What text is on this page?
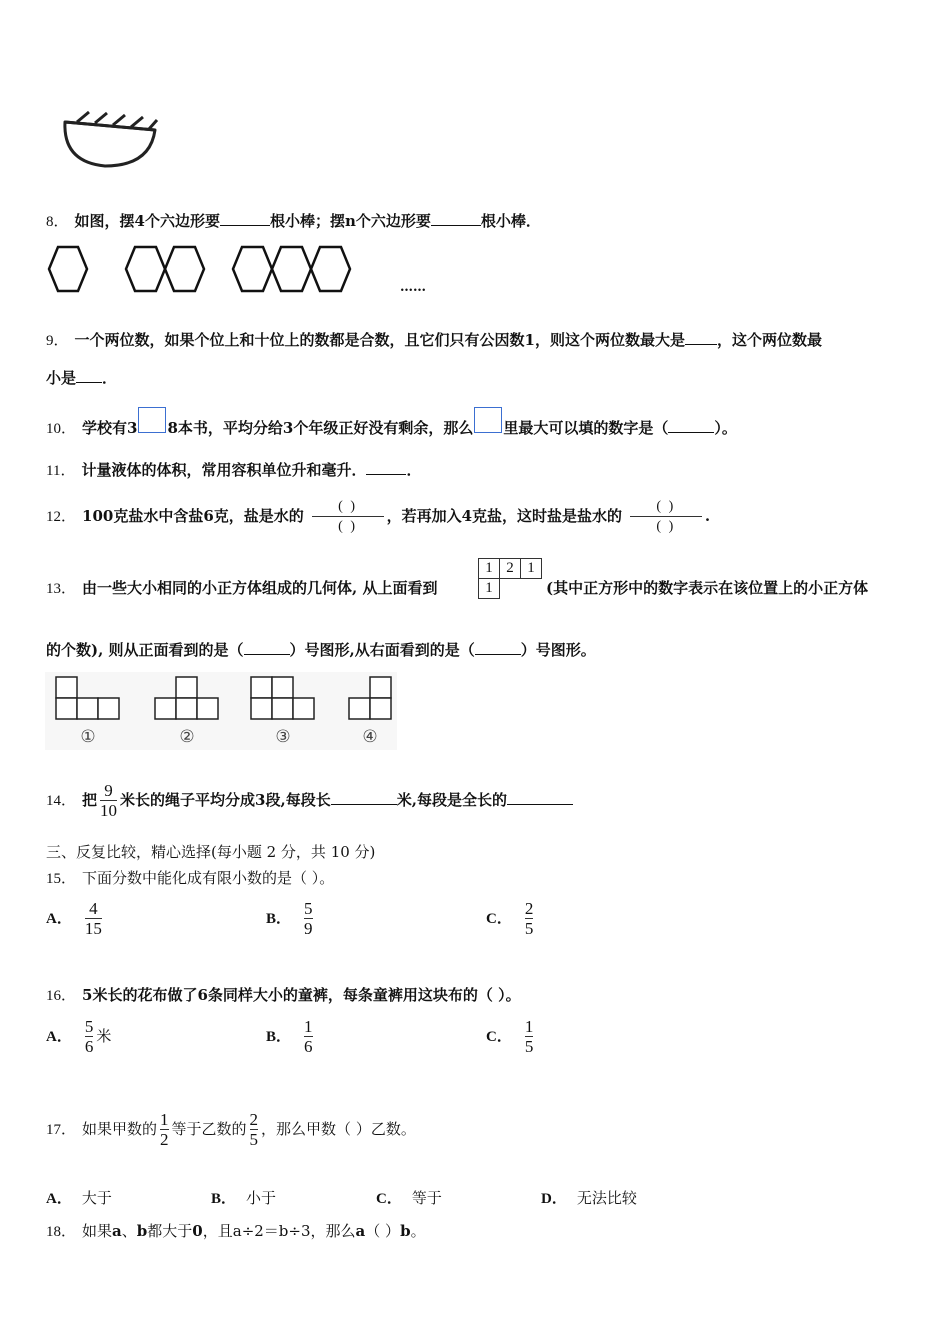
8． 如图，摆4个六边形要	根小棒；摆n个六边形要	根小棒．
……
9． 一个两位数，如果个位上和十位上的数都是合数，且它们只有公因数1，则这个两位数最大是 ，这个两位数最
小是 ．
10． 学校有3 8本书，平均分给3个年级正好没有剩余，那么 里最大可以填的数字是（	）。
11． 计量液体的体积，常用容积单位升和毫升．	．
12． 100克盐水中含盐6克，盐是水的 $\frac{( )}{( )}$ ，若再加入4克盐，这时盐是盐水的 $\frac{( )}{( )}$ .
13． 由一些大小相同的小正方体组成的几何体, 从上面看到
1 2 1
1	(其中正方形中的数字表示在该位置上的小正方体
的个数), 则从正面看到的是（	）号图形,从右面看到的是（	）号图形。
①	②	③	④
14． 把 $\frac{9}{10}$ 米长的绳子平均分成3段,每段长	米,每段是全长的
三、反复比较，精心选择(每小题 2 分，共 10 分)
15． 下面分数中能化成有限小数的是（ ）。
A． $\frac{4}{15}$	B． $\frac{5}{9}$	C． $\frac{2}{5}$
16． 5米长的花布做了6条同样大小的童裤，每条童裤用这块布的（ ）。
A． $\frac{5}{6}$ 米	B． $\frac{1}{6}$	C． $\frac{1}{5}$
17． 如果甲数的 $\frac{1}{2}$ 等于乙数的 $\frac{2}{5}$ ，那么甲数（ ）乙数。
A． 大于	B． 小于	C． 等于	D． 无法比较
18． 如果a、b都大于0，且a÷2＝b÷3，那么a（ ）b。
